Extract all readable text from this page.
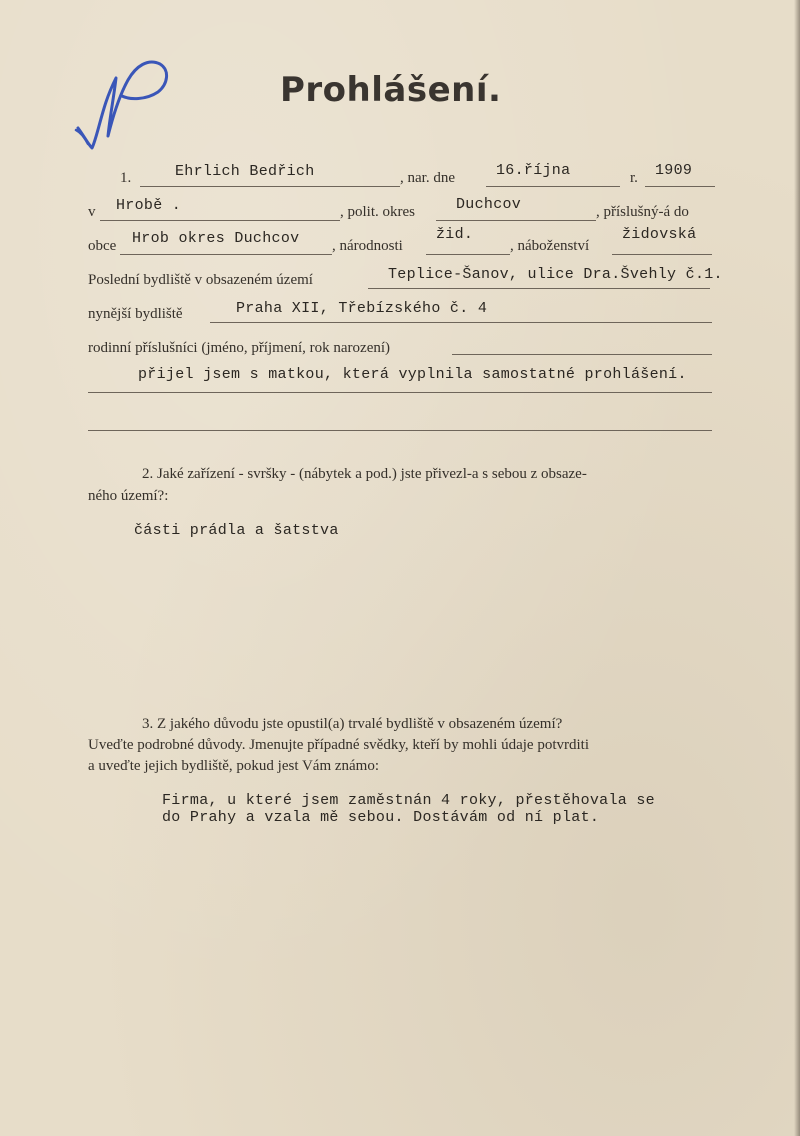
Prohlášení.
1.	Ehrlich Bedřich	, nar. dne	16.října	r. 1909
v Hrobě .	, polit. okres	Duchcov	, příslušný-á do
obce Hrob okres Duchcov , národnosti
žid.
, náboženství
židovská
Poslední bydliště v obsazeném území	Teplice-Šanov, ulice Dra.Švehly č.1.
nynější bydliště	Praha XII, Třebízského č. 4
rodinní příslušníci (jméno, příjmení, rok narození)
přijel jsem s matkou, která vyplnila samostatné prohlášení.
2. Jaké zařízení - svršky - (nábytek a pod.) jste přivezl-a s sebou z obsaze-
ného území?:
části prádla a šatstva
3. Z jakého důvodu jste opustil(a) trvalé bydliště v obsazeném území?
Uveďte podrobné důvody. Jmenujte případné svědky, kteří by mohli údaje potvrditi
a uveďte jejich bydliště, pokud jest Vám známo:
Firma, u které jsem zaměstnán 4 roky, přestěhovala se
do Prahy a vzala mě sebou. Dostávám od ní plat.
